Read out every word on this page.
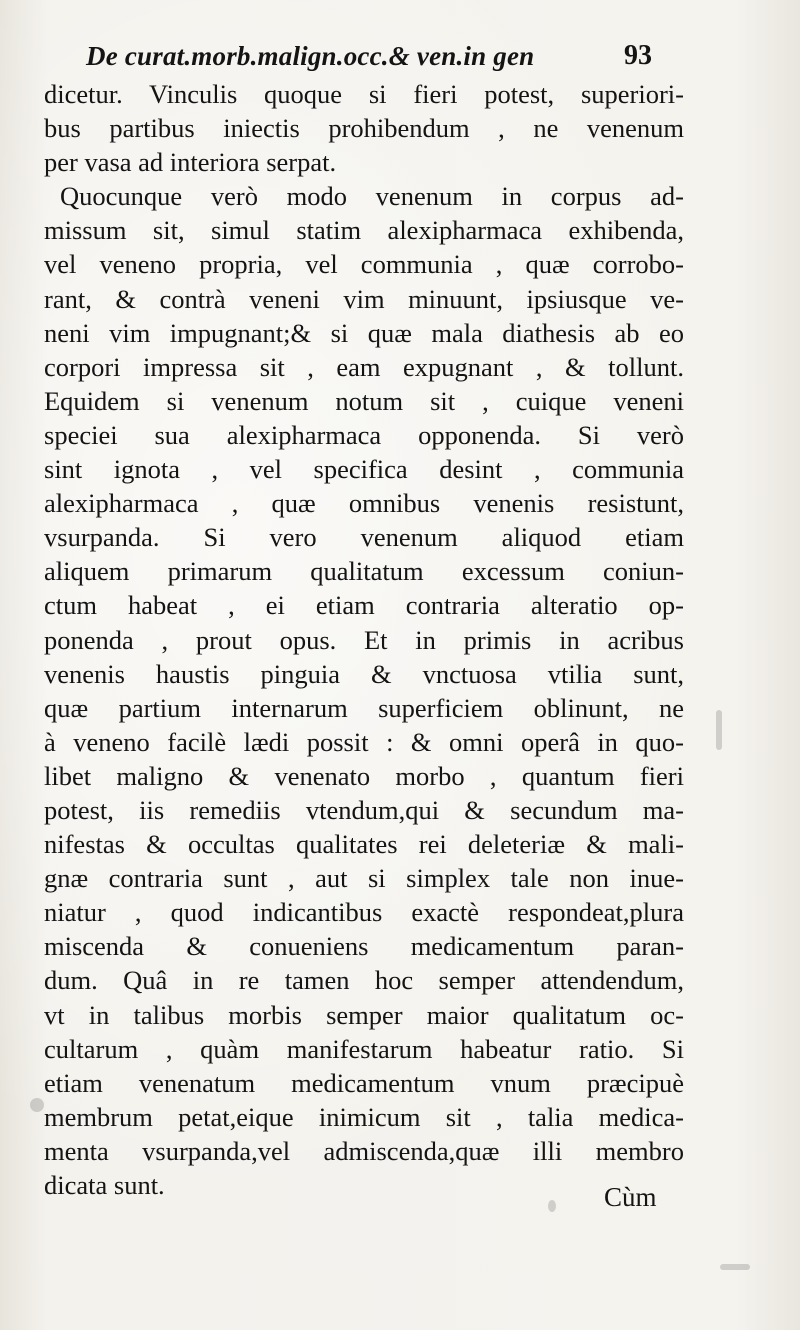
De curat.morb.malign.occ.& ven.in gen	93
dicetur. Vinculis quoque si fieri potest, superiori-
bus partibus iniectis prohibendum , ne venenum
per vasa ad interiora serpat.
Quocunque verò modo venenum in corpus ad-
missum sit, simul statim alexipharmaca exhibenda,
vel veneno propria, vel communia , quæ corrobo-
rant, & contrà veneni vim minuunt, ipsiusque ve-
neni vim impugnant;& si quæ mala diathesis ab eo
corpori impressa sit , eam expugnant , & tollunt.
Equidem si venenum notum sit , cuique veneni
speciei sua alexipharmaca opponenda. Si verò
sint ignota , vel specifica desint , communia
alexipharmaca , quæ omnibus venenis resistunt,
vsurpanda. Si vero venenum aliquod etiam
aliquem primarum qualitatum excessum coniun-
ctum habeat , ei etiam contraria alteratio op-
ponenda , prout opus. Et in primis in acribus
venenis haustis pinguia & vnctuosa vtilia sunt,
quæ partium internarum superficiem oblinunt, ne
à veneno facilè lædi possit : & omni operâ in quo-
libet maligno & venenato morbo , quantum fieri
potest, iis remediis vtendum,qui & secundum ma-
nifestas & occultas qualitates rei deleteriæ & mali-
gnæ contraria sunt , aut si simplex tale non inue-
niatur , quod indicantibus exactè respondeat,plura
miscenda & conueniens medicamentum paran-
dum. Quâ in re tamen hoc semper attendendum,
vt in talibus morbis semper maior qualitatum oc-
cultarum , quàm manifestarum habeatur ratio. Si
etiam venenatum medicamentum vnum præcipuè
membrum petat,eique inimicum sit , talia medica-
menta vsurpanda,vel admiscenda,quæ illi membro
dicata sunt.	Cùm
